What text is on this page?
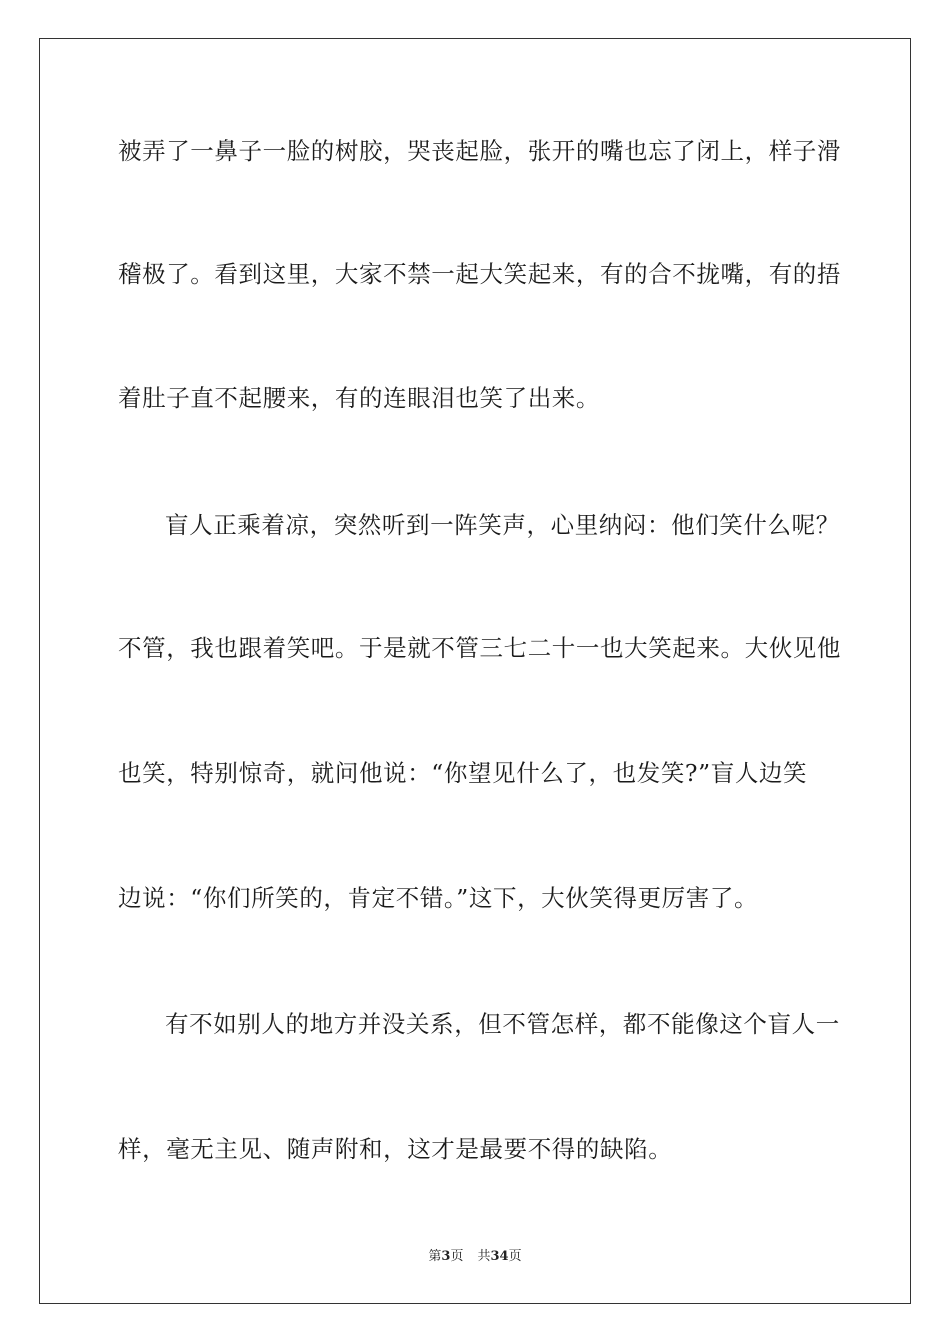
被弄了一鼻子一脸的树胶，哭丧起脸，张开的嘴也忘了闭上，样子滑
稽极了。看到这里，大家不禁一起大笑起来，有的合不拢嘴，有的捂
着肚子直不起腰来，有的连眼泪也笑了出来。
盲人正乘着凉，突然听到一阵笑声，心里纳闷：他们笑什么呢？
不管，我也跟着笑吧。于是就不管三七二十一也大笑起来。大伙见他
也笑，特别惊奇，就问他说：“你望见什么了，也发笑?”盲人边笑
边说：“你们所笑的，肯定不错。”这下，大伙笑得更厉害了。
有不如别人的地方并没关系，但不管怎样，都不能像这个盲人一
样，毫无主见、随声附和，这才是最要不得的缺陷。
第3页 共34页
